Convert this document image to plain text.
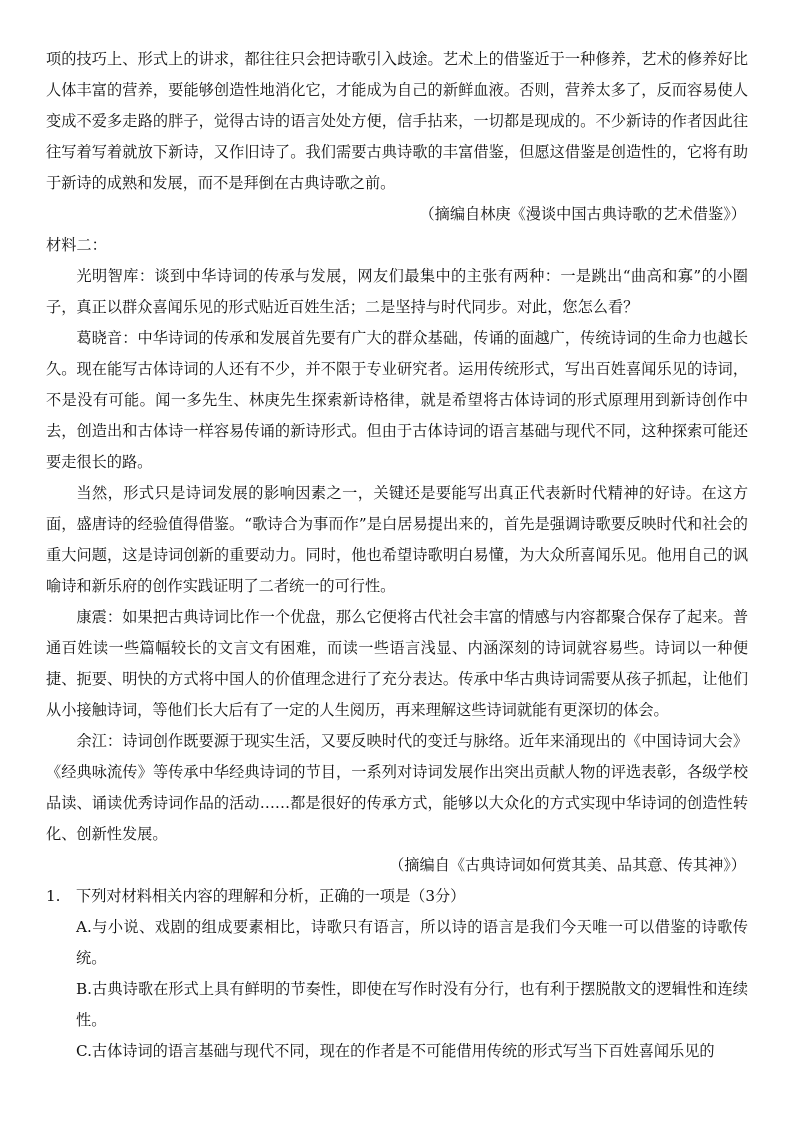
项的技巧上、形式上的讲求，都往往只会把诗歌引入歧途。艺术上的借鉴近于一种修养，艺术的修养好比人体丰富的营养，要能够创造性地消化它，才能成为自己的新鲜血液。否则，营养太多了，反而容易使人变成不爱多走路的胖子，觉得古诗的语言处处方便，信手拈来，一切都是现成的。不少新诗的作者因此往往写着写着就放下新诗，又作旧诗了。我们需要古典诗歌的丰富借鉴，但愿这借鉴是创造性的，它将有助于新诗的成熟和发展，而不是拜倒在古典诗歌之前。

（摘编自林庚《漫谈中国古典诗歌的艺术借鉴》）

材料二：

光明智库：谈到中华诗词的传承与发展，网友们最集中的主张有两种：一是跳出“曲高和寡”的小圈子，真正以群众喜闻乐见的形式贴近百姓生活；二是坚持与时代同步。对此，您怎么看？

葛晓音：中华诗词的传承和发展首先要有广大的群众基础，传诵的面越广，传统诗词的生命力也越长久。现在能写古体诗词的人还有不少，并不限于专业研究者。运用传统形式，写出百姓喜闻乐见的诗词，不是没有可能。闻一多先生、林庚先生探索新诗格律，就是希望将古体诗词的形式原理用到新诗创作中去，创造出和古体诗一样容易传诵的新诗形式。但由于古体诗词的语言基础与现代不同，这种探索可能还要走很长的路。

当然，形式只是诗词发展的影响因素之一，关键还是要能写出真正代表新时代精神的好诗。在这方面，盛唐诗的经验值得借鉴。“歌诗合为事而作”是白居易提出来的，首先是强调诗歌要反映时代和社会的重大问题，这是诗词创新的重要动力。同时，他也希望诗歌明白易懂，为大众所喜闻乐见。他用自己的讽喻诗和新乐府的创作实践证明了二者统一的可行性。

康震：如果把古典诗词比作一个优盘，那么它便将古代社会丰富的情感与内容都聚合保存了起来。普通百姓读一些篇幅较长的文言文有困难，而读一些语言浅显、内涵深刻的诗词就容易些。诗词以一种便捷、扼要、明快的方式将中国人的价值理念进行了充分表达。传承中华古典诗词需要从孩子抓起，让他们从小接触诗词，等他们长大后有了一定的人生阅历，再来理解这些诗词就能有更深切的体会。

余江：诗词创作既要源于现实生活，又要反映时代的变迁与脉络。近年来涌现出的《中国诗词大会》《经典咏流传》等传承中华经典诗词的节目，一系列对诗词发展作出突出贡献人物的评选表彰，各级学校品读、诵读优秀诗词作品的活动……都是很好的传承方式，能够以大众化的方式实现中华诗词的创造性转化、创新性发展。

（摘编自《古典诗词如何赏其美、品其意、传其神》）

1.	下列对材料相关内容的理解和分析，正确的一项是（3分）

A.与小说、戏剧的组成要素相比，诗歌只有语言，所以诗的语言是我们今天唯一可以借鉴的诗歌传统。

B.古典诗歌在形式上具有鲜明的节奏性，即使在写作时没有分行，也有利于摆脱散文的逻辑性和连续性。

C.古体诗词的语言基础与现代不同，现在的作者是不可能借用传统的形式写当下百姓喜闻乐见的
